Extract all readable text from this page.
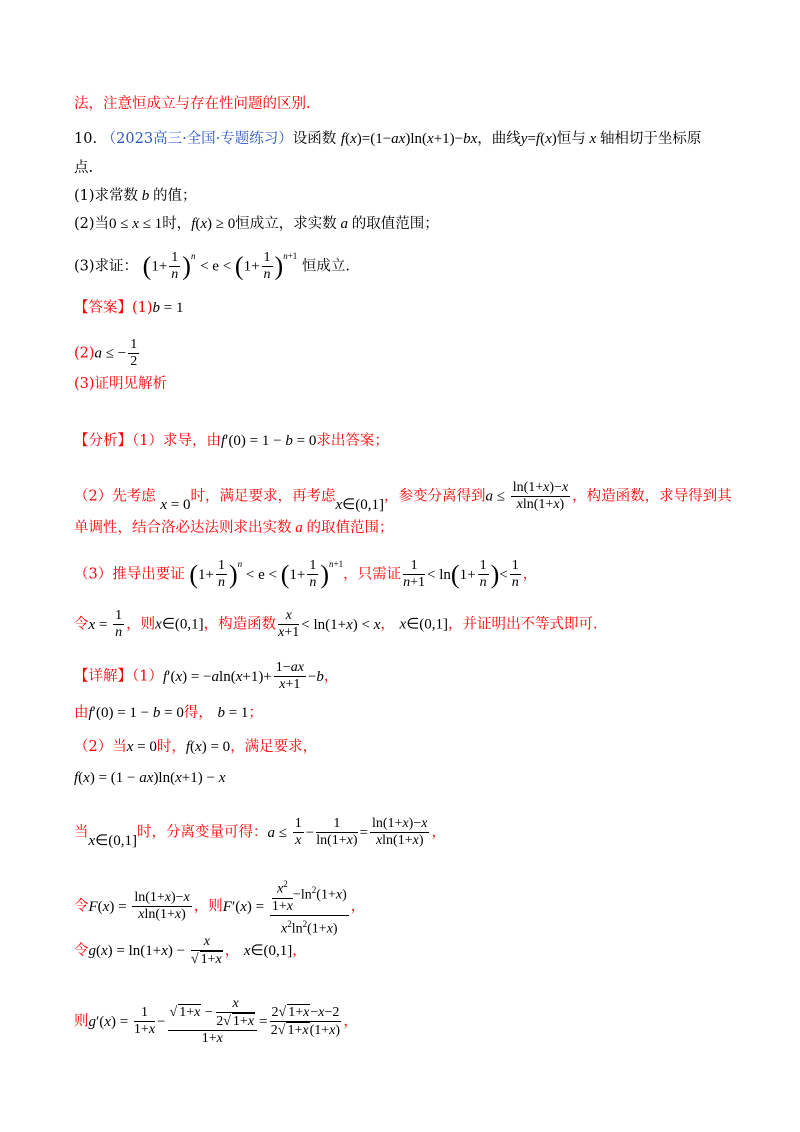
法，注意恒成立与存在性问题的区别.
10. （2023高三·全国·专题练习）设函数 f(x)=(1−ax)ln(x+1)−bx，曲线y=f(x)恒与 x 轴相切于坐标原
点.
(1)求常数 b 的值；
(2)当0 ≤ x ≤ 1时，f(x) ≥ 0恒成立，求实数 a 的取值范围；
(3)求证： $(1+ \frac{1}{n} )^n < e < (1+ \frac{1}{n} )^{n+1}$ 恒成立.
【答案】(1)b = 1
(2)a ≤ − $\frac{1}{2}$
(3)证明见解析
【分析】（1）求导，由f′(0) = 1 − b = 0求出答案；
（2）先考虑 x = 0时，满足要求，再考虑x∈(0,1]，参变分离得到$a \le \frac{\ln(1+x)-x}{xln(1+x)}$ ，构造函数，求导得到其
单调性，结合洛必达法则求出实数 a 的取值范围；
（3）推导出要证 $(1+ \frac{1}{n} )^n < e < (1+ \frac{1}{n} )^{n+1}$，只需证 $\frac{1}{n+1} < \ln(1+ \frac{1}{n}$ )< $\frac{1}{n}$ ，
令$x = \frac{1}{n}$ ，则x∈(0,1]，构造函数 $\frac{x}{x+1} < \ln(1+x) < x$， x∈(0,1]，并证明出不等式即可.
【详解】$(1)f'(x) = -aln(x+1)+ \frac{1-ax}{x+1} -b$，
由f′(0) = 1 − b = 0得， b = 1；
（2）当x = 0时，f(x) = 0，满足要求，
f(x) = (1 − ax)ln(x+1) − x
当x∈(0,1]时，分离变量可得：$a \le \frac{1}{x} - \frac{1}{\ln(1+x)} = \frac{\ln(1+x)-x}{xln(1+x)}$ ，
令$F(x) = \frac{\ln(1+x)-x}{xln(1+x)}$ ，则$F'(x) = \frac{\frac{x^2}{1+x} -\ln^2(1+x)}{x^2\ln^2(1+x)}$ ，
令$g(x) = \ln(1+x) - \frac{x}{√ 1+x}$ ， x∈(0,1]，
则$g'(x) = \frac{1}{1+x} - \frac{√ 1+x - \frac{x}{2√ 1+x}}{1+x} = \frac{2√ 1+x-x-2}{2√ 1+x(1+x)}$ ，
